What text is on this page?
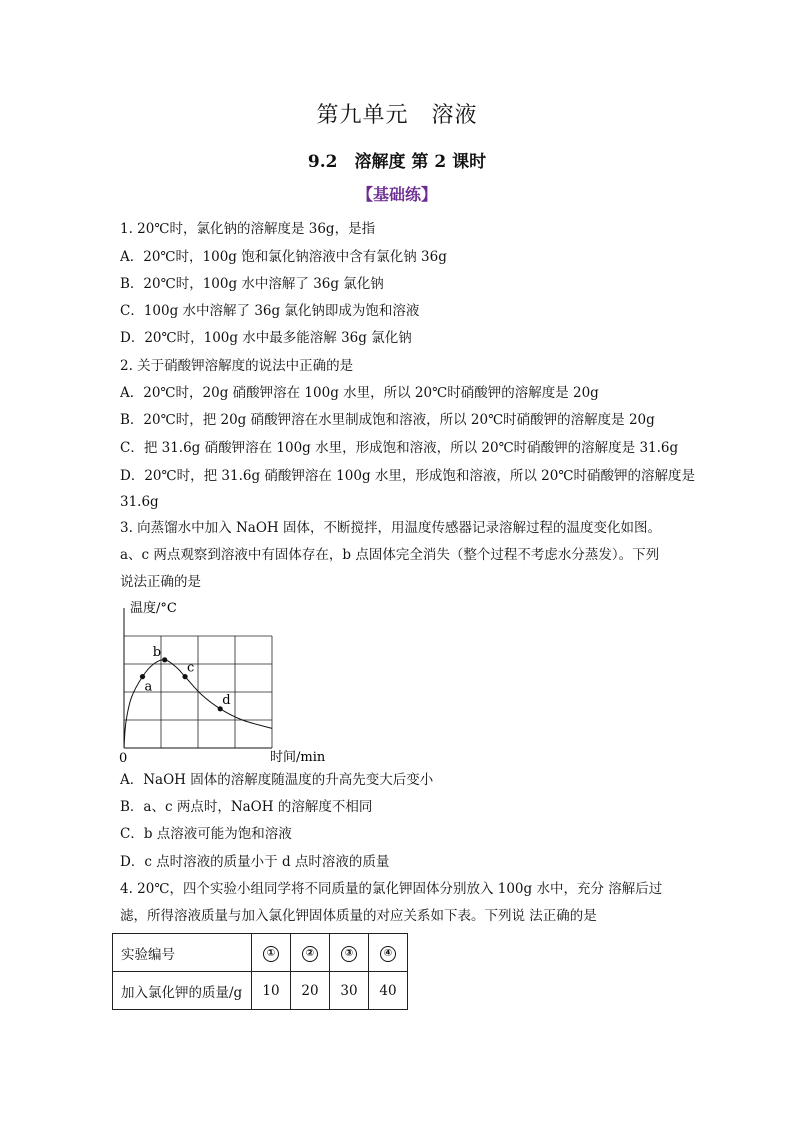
第九单元　溶液
9.2　溶解度 第 2 课时
【基础练】
1. 20℃时，氯化钠的溶解度是 36g，是指
A．20℃时，100g 饱和氯化钠溶液中含有氯化钠 36g
B．20℃时，100g 水中溶解了 36g 氯化钠
C．100g 水中溶解了 36g 氯化钠即成为饱和溶液
D．20℃时，100g 水中最多能溶解 36g 氯化钠
2. 关于硝酸钾溶解度的说法中正确的是
A．20℃时，20g 硝酸钾溶在 100g 水里，所以 20℃时硝酸钾的溶解度是 20g
B．20℃时，把 20g 硝酸钾溶在水里制成饱和溶液，所以 20℃时硝酸钾的溶解度是 20g
C．把 31.6g 硝酸钾溶在 100g 水里，形成饱和溶液，所以 20℃时硝酸钾的溶解度是 31.6g
D．20℃时，把 31.6g 硝酸钾溶在 100g 水里，形成饱和溶液，所以 20℃时硝酸钾的溶解度是
31.6g
3. 向蒸馏水中加入 NaOH 固体，不断搅拌，用温度传感器记录溶解过程的温度变化如图。
a、c 两点观察到溶液中有固体存在，b 点固体完全消失（整个过程不考虑水分蒸发）。下列
说法正确的是
温度/°C
时间/min
0
a
b
c
d
A．NaOH 固体的溶解度随温度的升高先变大后变小
B．a、c 两点时，NaOH 的溶解度不相同
C．b 点溶液可能为饱和溶液
D．c 点时溶液的质量小于 d 点时溶液的质量
4. 20℃，四个实验小组同学将不同质量的氯化钾固体分别放入 100g 水中，充分 溶解后过
滤，所得溶液质量与加入氯化钾固体质量的对应关系如下表。下列说 法正确的是
实验编号	①	②	③	④
加入氯化钾的质量/g	10	20	30	40
